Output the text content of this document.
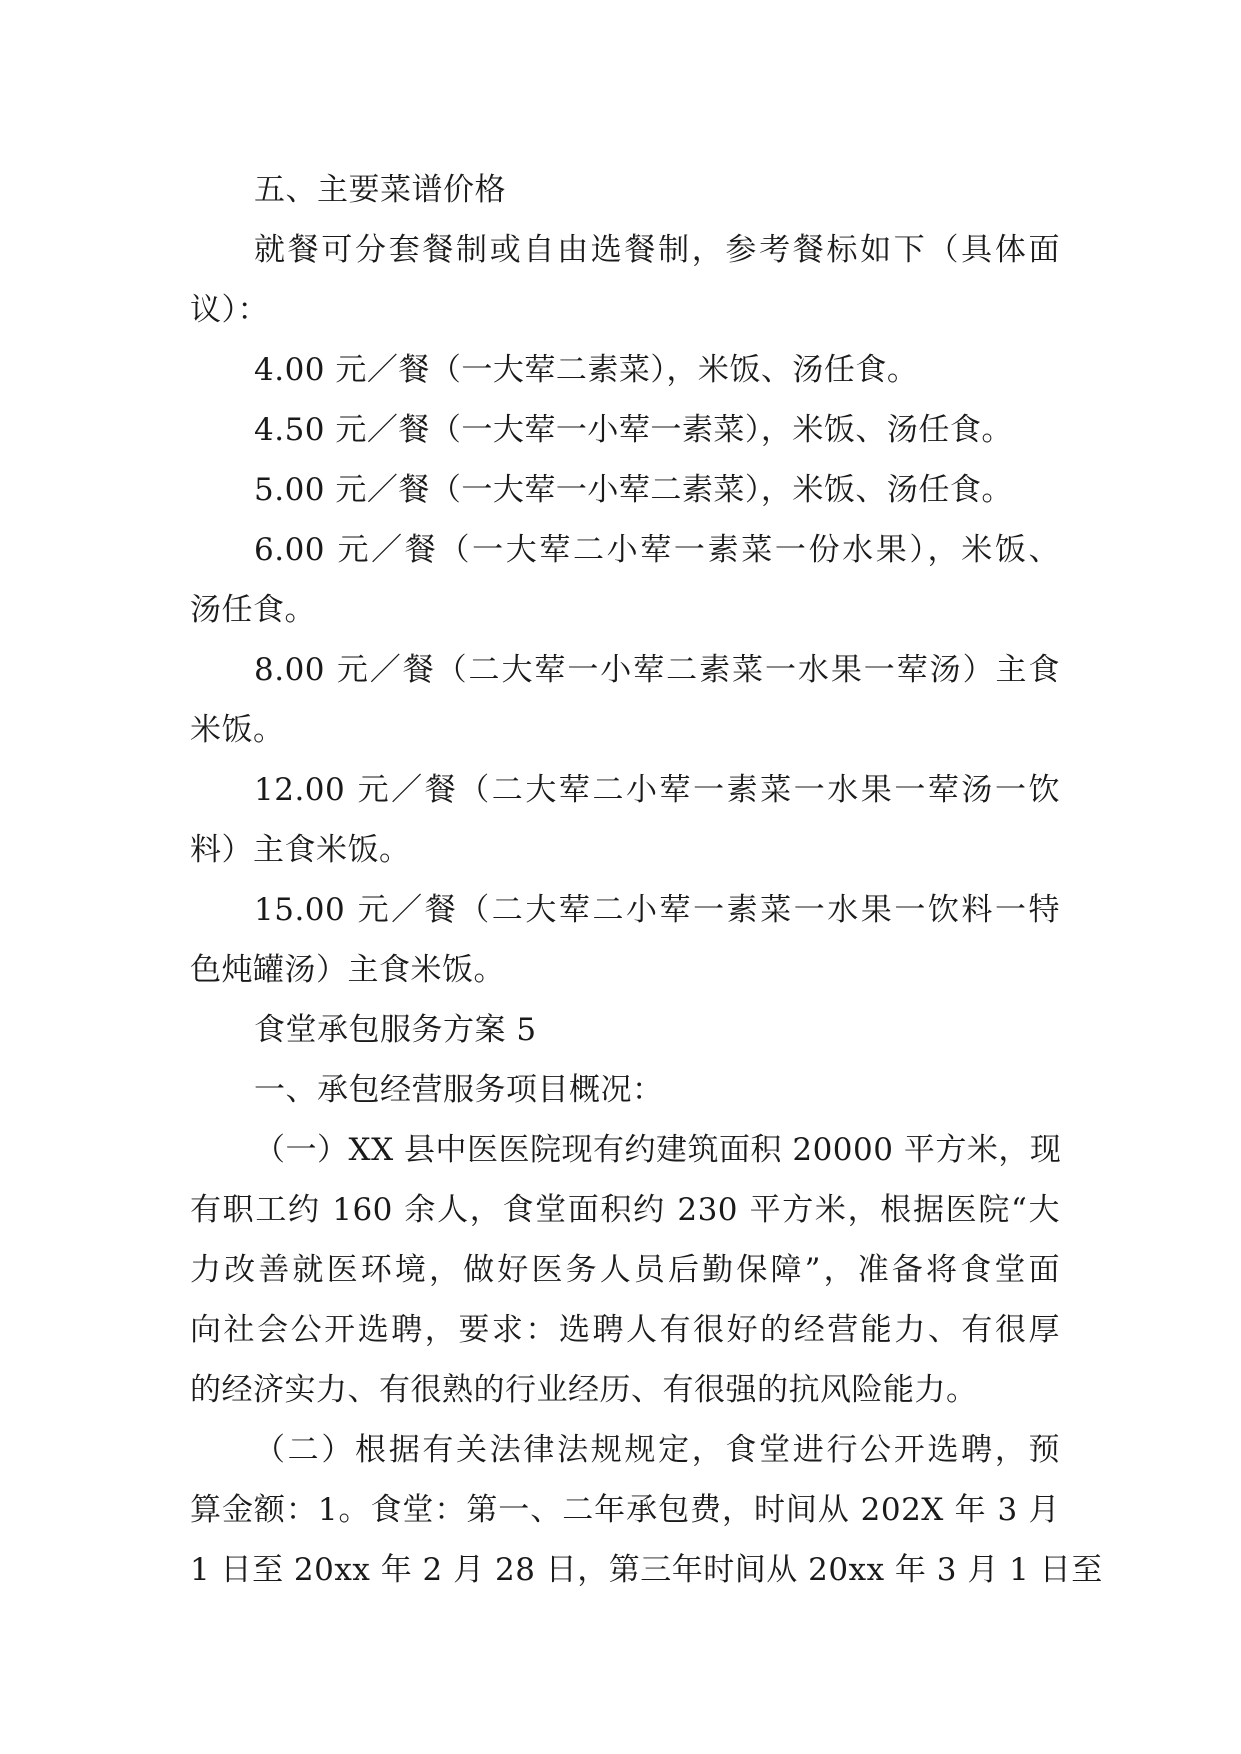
五、主要菜谱价格
就餐可分套餐制或自由选餐制，参考餐标如下（具体面
议）：
4.00 元／餐（一大荤二素菜），米饭、汤任食。
4.50 元／餐（一大荤一小荤一素菜），米饭、汤任食。
5.00 元／餐（一大荤一小荤二素菜），米饭、汤任食。
6.00 元／餐（一大荤二小荤一素菜一份水果），米饭、
汤任食。
8.00 元／餐（二大荤一小荤二素菜一水果一荤汤）主食
米饭。
12.00 元／餐（二大荤二小荤一素菜一水果一荤汤一饮
料）主食米饭。
15.00 元／餐（二大荤二小荤一素菜一水果一饮料一特
色炖罐汤）主食米饭。
食堂承包服务方案 5
一、承包经营服务项目概况：
（一）XX 县中医医院现有约建筑面积 20000 平方米，现
有职工约 160 余人，食堂面积约 230 平方米，根据医院“大
力改善就医环境，做好医务人员后勤保障”，准备将食堂面
向社会公开选聘，要求：选聘人有很好的经营能力、有很厚
的经济实力、有很熟的行业经历、有很强的抗风险能力。
（二）根据有关法律法规规定，食堂进行公开选聘，预
算金额：1。食堂：第一、二年承包费，时间从 202X 年 3 月
1 日至 20xx 年 2 月 28 日，第三年时间从 20xx 年 3 月 1 日至
